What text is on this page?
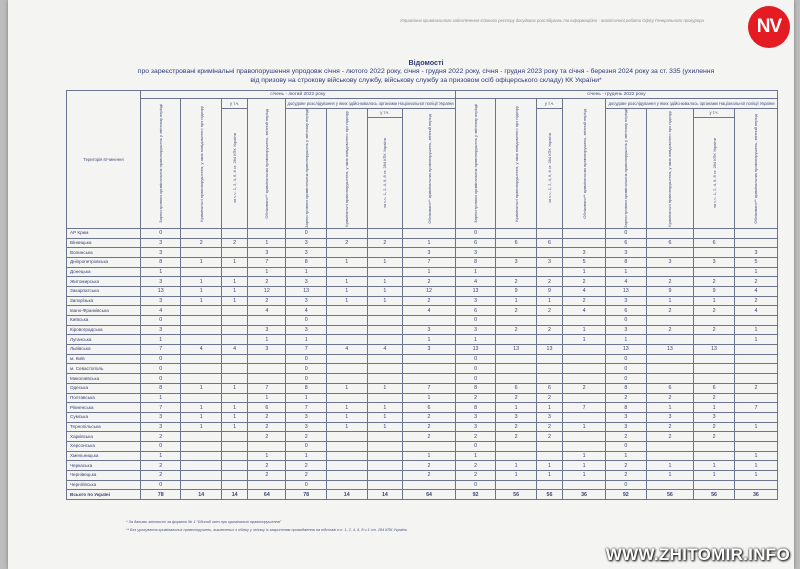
Управління кримінального забезпечення Єдиного реєстру досудових розслідувань та інформаційно - аналітичної роботи Офісу Генерального прокурора
Відомості
про зареєстровані кримінальні правопорушення упродовж січня - лютого 2022 року, січня - грудня 2022 року, січня - грудня 2023 року та січня - березня 2024 року за ст. 335 (ухилення
від призову на строкову військову службу, військову службу за призовом осіб офіцерського складу) КК України*
Територія втчинення	січень - лютий 2022 року								січень - грудень 2022 року							

	Зареєстровано кримінальних правопорушень у звітному періоді	Кримінальні правопорушення, у яких повідомлено про підозру	у т.ч.	Обліковано** кримінальних правопорушень, звітний період	досудове розслідування у яких здійснювалось органами Національної поліції України				Зареєстровано кримінальних правопорушень у звітному періоді	Кримінальні правопорушення, у яких повідомлено про підозру	у т.ч.	Обліковано** кримінальних правопорушень, звітний період	досудове розслідування у яких здійснювалось органами Національної поліції України			

			за ч.ч. 1, 2, 4, 6, 8 ст. 284 КПК України		Зареєстровано кримінальних правопорушень у звітному періоді	Кримінальні правопорушення, у яких повідомлено про підозру	у т.ч.	Обліковано** кримінальних правопорушень, звітний період			за ч.ч. 1, 2, 4, 6, 8 ст. 284 КПК України		Зареєстровано кримінальних правопорушень у звітному періоді	Кримінальні правопорушення, у яких повідомлено про підозру	у т.ч.	Обліковано** кримінальних правопорушень, звітний період

							за ч.ч. 1, 2, 4, 6, 8 ст. 284 КПК України								за ч.ч. 1, 2, 4, 6, 8 ст. 284 КПК України	

АР Крим	0				0				0				0			
Вінницька	3	2	2	1	3	2	2	1	6	6	6		6	6	6	
Волинська	3			3	3			3	3			3	3			3
Дніпропетровська	8	1	1	7	8	1	1	7	8	3	3	5	8	3	3	5
Донецька	1			1	1			1	1			1	1			1
Житомирська	3	1	1	2	3	1	1	2	4	2	2	2	4	2	2	2
Закарпатська	13	1	1	12	13	1	1	12	13	9	9	4	13	9	9	4
Запорізька	3	1	1	2	3	1	1	2	3	1	1	2	3	1	1	2
Івано-Франківська	4			4	4			4	6	2	2	4	6	2	2	4
Київська	0				0				0				0			
Кіровоградська	3			3	3			3	3	2	2	1	3	2	2	1
Луганська	1			1	1			1	1			1	1			1
Львівська	7	4	4	3	7	4	4	3	13	13	13		13	13	13	
м. Київ	0				0				0				0			
м. Севастополь	0				0				0				0			
Миколаївська	0				0				0				0			
Одеська	8	1	1	7	8	1	1	7	8	6	6	2	8	6	6	2
Полтавська	1			1	1			1	2	2	2		2	2	2	
Рівненська	7	1	1	6	7	1	1	6	8	1	1	7	8	1	1	7
Сумська	3	1	1	2	3	1	1	2	3	3	3		3	3	3	
Тернопільська	3	1	1	2	3	1	1	2	3	2	2	1	3	2	2	1
Харківська	2			2	2			2	2	2	2		2	2	2	
Херсонська	0				0				0				0			
Хмельницька	1			1	1			1	1			1	1			1
Черкаська	2			2	2			2	2	1	1	1	2	1	1	1
Чернівецька	2			2	2			2	2	1	1	1	2	1	1	1
Чернігівська	0				0				0				0			
Всього по Україні	78	14	14	64	78	14	14	64	92	56	56	36	92	56	56	36
* За даними звітності за формою № 1 "Єдиний звіт про кримінальні правопорушення"
** Без урахування кримінальних правопорушень, виключених з обліку у зв'язку із закриттям провадження на підставі п.п. 1, 2, 4, 6, 8 ч.1 ст. 284 КПК України
NV
WWW.ZHITOMIR.INFO
